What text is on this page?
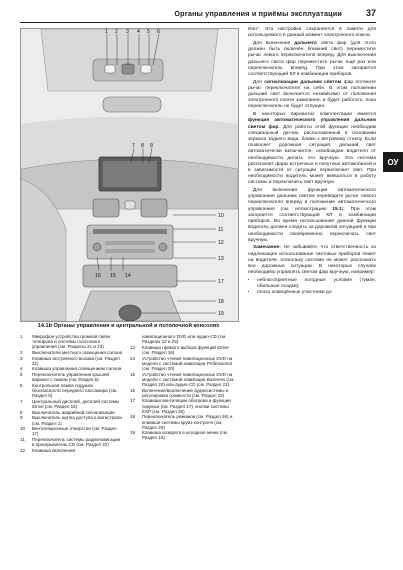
Органы управления и приёмы эксплуатации	37
ОУ
1 2 3 4 5 6
7 8 9
10
11
12
13
14
15
16
17
18
19
14.1b Органы управления в центральной и потолочной консолях
1	Микрофон устройства громкой связи телефона и системы голосового управления (см. Разделы 21 и 23)
2	Выключатели местного освещения салона
3	Клавиша экстренного вызова (см. Раздел 31)
4	Клавиша управления освещением салона
5	Переключатель управления крышей вариант с люком (см. Раздел 5)
6	Контрольная лампа подушек безопасности переднего пассажира (см. Раздел 8)
7	Центральный дисплей, дисплей системы iDrive (см. Раздел 16)
8	Выключатель аварийной сигнализации
9	Выключатель щитка доступа к магистрали (см. Раздел 1)
10	Вентиляционные отверстия (см. Раздел 17)
11	Переключатель системы радионавигации в проигрыватель CD (см. Раздел 22)
12	Клавиша включения
навигационного DVD или аудио-CD (см. Разделы 22 и 23)
13	Клавиши прямого выбора функций iDrive (см. Раздел 16)
14	Устройство чтения навигационных DVD на модели с системой навигации Professional (см. Раздел 20)
15	Устройство чтения навигационных DVD на модели с системой навигации Business (см. Раздел 20) или аудио-CD (см. Раздел 22)
16	Включение/выключение аудиосистемы и регулировка громкости (см. Раздел 22)
17	Клавиши вентиляции обогрева и функции сиденья (см. Раздел 17), кнопки системы ESP (см. Раздел 26)
18	Переключатель режимов (см. Раздел 26) и клавиши системы круиз-контроля (см. Раздел 29)
19	Клавиша возврата в исходное меню (см. Раздел 16)

Ион". Эта настройка сохраняется в памяти для используемого в данный момент электронного ключа.

Для включения дальнего света фар (для этого должен быть включён ближний свет) переместите рычаг левого переключателя вперёд. Для выключения дальнего света фар переместите рычаг ещё раз или переключатель вперёд. При этом загорается соответствующий КЛ в комбинации приборов.

Для сигнализации дальним светом фар потяните рычаг переключателя на себя. В этом положении дальний свет включается независимо от положения электронного ключа зажигания, и будет работать, пока переключатель не будет отпущен.

В некоторых вариантах комплектации имеется функция автоматического управления дальним светом фар. Для работы этой функции необходим специальный датчик, расположенный в основании зеркала заднего вида, ближе к ветровому стеклу. Если позволяет дорожная ситуация, дальний свет автоматически включается, освобождая водителя от необходимости делать это вручную. Эта система распознаёт фары встречных и попутных автомобилей и в зависимости от ситуации переключает свет. При необходимости водитель может вмешаться в работу системы и переключить свет вручную.

Для включения функции автоматического управления дальним светом переведите рычаг левого переключателя вперёд в положение автоматического управления (см. иллюстрацию 15.1). При этом загорается соответствующий КЛ в комбинации приборов. Во время использования данной функции водитель должен следить за дорожной ситуацией и при необходимости своевременно переключать свет вручную.

Замечание: Не забывайте, что ответственность за надлежащее использование световых приборов лежит на водителе, поскольку система не может распознать все дорожные ситуации. В некоторых случаях необходимо управлять светом фар вручную, например:

• неблагоприятные погодные условия (туман, обильные осадки);
• плохо освещённые участники до-
